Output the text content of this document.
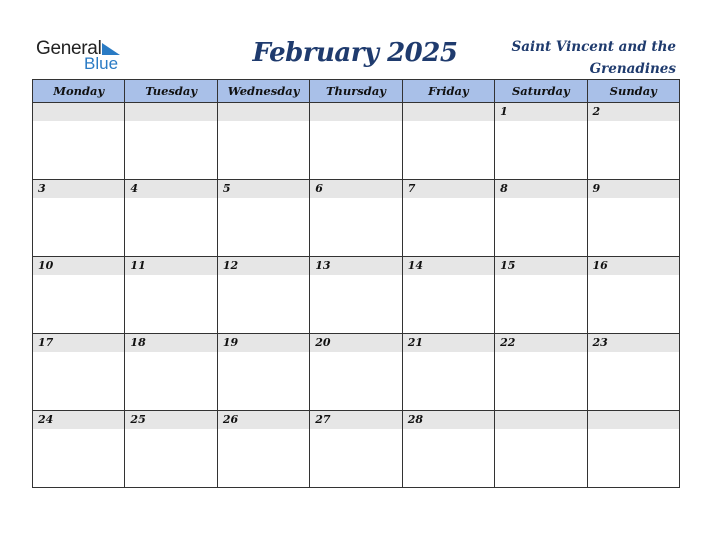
General
Blue	February 2025	Saint Vincent and the
Grenadines
Monday	Tuesday	Wednesday	Thursday	Friday	Saturday	Sunday

					1	2

3	4	5	6	7	8	9

10	11	12	13	14	15	16

17	18	19	20	21	22	23

24	25	26	27	28		
